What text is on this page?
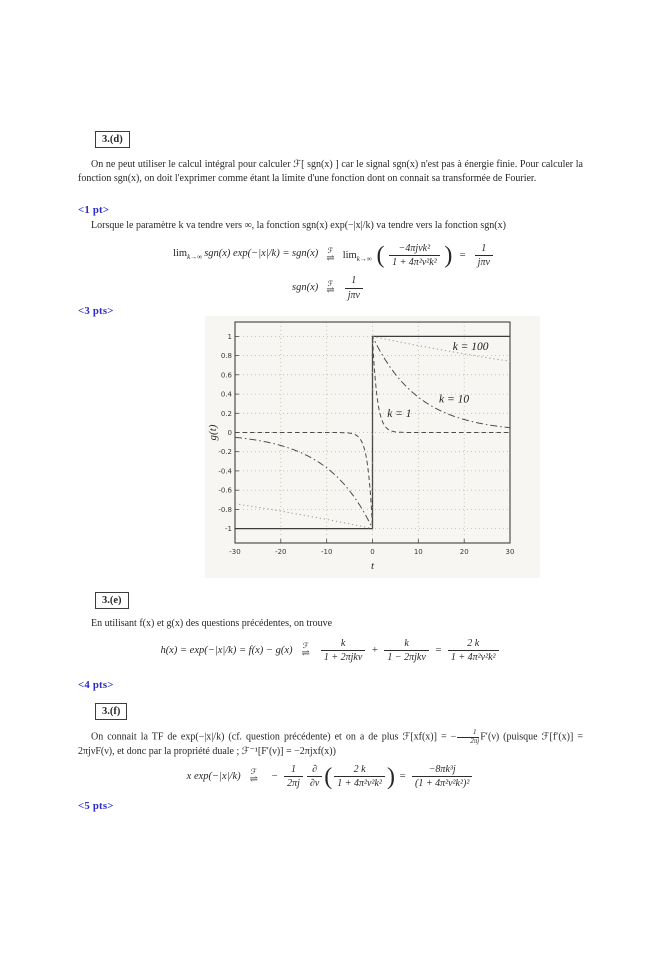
3.(d)

On ne peut utiliser le calcul intégral pour calculer ℱ[ sgn(x) ] car le signal sgn(x) n'est pas à énergie finie. Pour calculer la fonction sgn(x), on doit l'exprimer comme étant la limite d'une fonction dont on connait sa transformée de Fourier.

<1 pt>

Lorsque le paramètre k va tendre vers ∞, la fonction sgn(x) exp(−|x|/k) va tendre vers la fonction sgn(x)

$\lim_{k\to\infty} sgn(x) \exp(-|x|/k) = sgn(x)$ ℱ
⇌ $\lim_{k\to\infty}$ ( $\frac{\text{−4πjνk²}}{\text{1 + 4π²ν²k²}}$ ) = $\frac{1}{\text{jπν}}$
sgn(x) ℱ
⇌ $\frac{1}{\text{jπν}}$
<3 pts>
-30	-20	-10	0	10	20	30
-1
-0.8
-0.6
-0.4
-0.2
0
0.2
0.4
0.6
0.8
1
k = 100
k = 10
k = 1
t
g(t)
3.(e)

En utilisant f(x) et g(x) des questions précédentes, on trouve

h(x) = exp(−|x|/k) = f(x) − g(x) ℱ
⇌ $\frac{k}{\text{1 + 2πjkν}} + \frac{k}{\text{1 − 2πjkν}} = \frac{2 k}{\text{1 + 4π²ν²k²}}$
<4 pts>
3.(f)

On connait la TF de exp(−|x|/k) (cf. question précédente) et on a de plus ℱ[xf(x)] = − $\frac{1}{2\pi j} F'(\nu)$ (puisque ℱ[f′(x)] = 2πjνF(ν), et donc par la propriété duale ; ℱ⁻¹[F′(ν)] = −2πjxf(x))

x exp(−|x|/k) ℱ
⇌ − $\frac{1}{2\pi j} \frac{\partial}{\partial\nu}$ ( $\frac{2 k}{\text{1 + 4π²ν²k²}}$ ) = $\frac{\text{−8πk³j}}{\text{(1 + 4π²ν²k²)²}}$
<5 pts>
